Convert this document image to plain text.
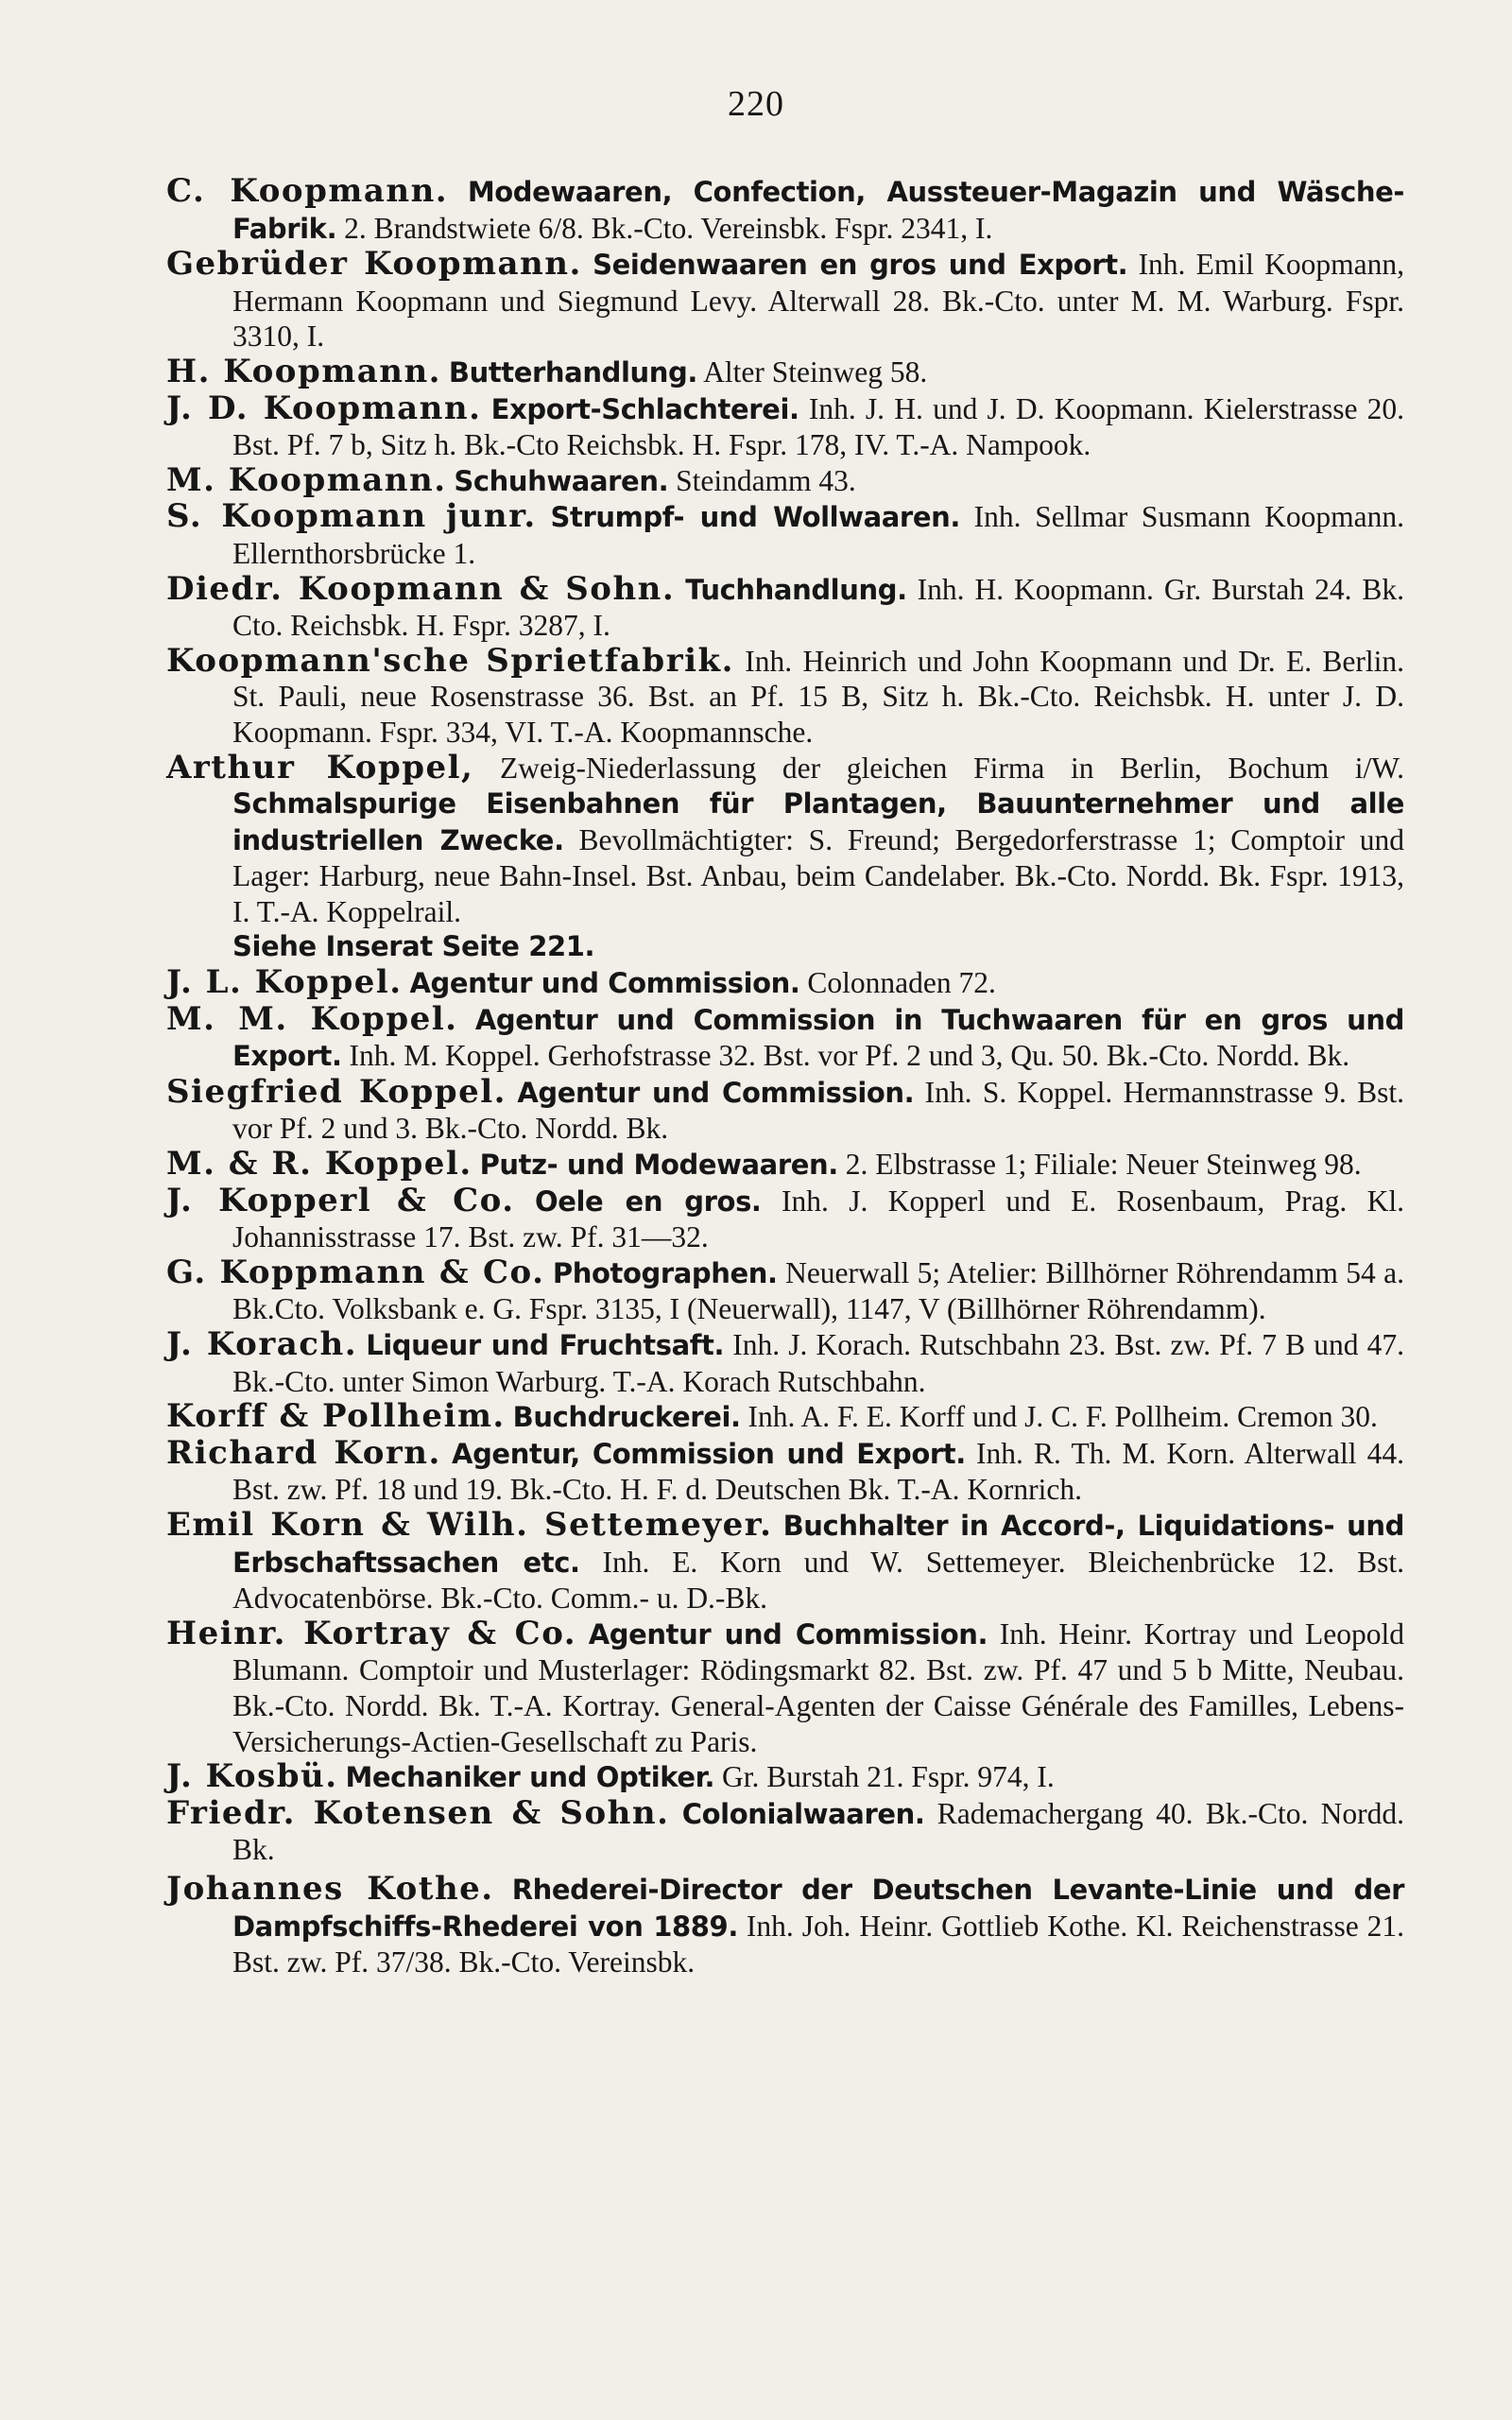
220

C. Koopmann. Modewaaren, Confection, Aussteuer-Magazin und Wäsche-Fabrik. 2. Brandstwiete 6/8. Bk.-Cto. Vereinsbk. Fspr. 2341, I.

Gebrüder Koopmann. Seidenwaaren en gros und Export. Inh. Emil Koopmann, Hermann Koopmann und Siegmund Levy. Alterwall 28. Bk.-Cto. unter M. M. Warburg. Fspr. 3310, I.

H. Koopmann. Butterhandlung. Alter Steinweg 58.

J. D. Koopmann. Export-Schlachterei. Inh. J. H. und J. D. Koopmann. Kielerstrasse 20. Bst. Pf. 7 b, Sitz h. Bk.-Cto Reichsbk. H. Fspr. 178, IV. T.-A. Nampook.

M. Koopmann. Schuhwaaren. Steindamm 43.

S. Koopmann junr. Strumpf- und Wollwaaren. Inh. Sellmar Susmann Koopmann. Ellernthorsbrücke 1.

Diedr. Koopmann & Sohn. Tuchhandlung. Inh. H. Koopmann. Gr. Burstah 24. Bk. Cto. Reichsbk. H. Fspr. 3287, I.

Koopmann'sche Sprietfabrik. Inh. Heinrich und John Koopmann und Dr. E. Berlin. St. Pauli, neue Rosenstrasse 36. Bst. an Pf. 15 B, Sitz h. Bk.-Cto. Reichsbk. H. unter J. D. Koopmann. Fspr. 334, VI. T.-A. Koopmannsche.

Arthur Koppel, Zweig-Niederlassung der gleichen Firma in Berlin, Bochum i/W. Schmalspurige Eisenbahnen für Plantagen, Bauunternehmer und alle industriellen Zwecke. Bevollmächtigter: S. Freund; Bergedorferstrasse 1; Comptoir und Lager: Harburg, neue Bahn-Insel. Bst. Anbau, beim Candelaber. Bk.-Cto. Nordd. Bk. Fspr. 1913, I. T.-A. Koppelrail.
Siehe Inserat Seite 221.

J. L. Koppel. Agentur und Commission. Colonnaden 72.

M. M. Koppel. Agentur und Commission in Tuchwaaren für en gros und Export. Inh. M. Koppel. Gerhofstrasse 32. Bst. vor Pf. 2 und 3, Qu. 50. Bk.-Cto. Nordd. Bk.

Siegfried Koppel. Agentur und Commission. Inh. S. Koppel. Hermannstrasse 9. Bst. vor Pf. 2 und 3. Bk.-Cto. Nordd. Bk.

M. & R. Koppel. Putz- und Modewaaren. 2. Elbstrasse 1; Filiale: Neuer Steinweg 98.

J. Kopperl & Co. Oele en gros. Inh. J. Kopperl und E. Rosenbaum, Prag. Kl. Johannisstrasse 17. Bst. zw. Pf. 31—32.

G. Koppmann & Co. Photographen. Neuerwall 5; Atelier: Billhörner Röhrendamm 54 a. Bk.Cto. Volksbank e. G. Fspr. 3135, I (Neuerwall), 1147, V (Billhörner Röhrendamm).

J. Korach. Liqueur und Fruchtsaft. Inh. J. Korach. Rutschbahn 23. Bst. zw. Pf. 7 B und 47. Bk.-Cto. unter Simon Warburg. T.-A. Korach Rutschbahn.

Korff & Pollheim. Buchdruckerei. Inh. A. F. E. Korff und J. C. F. Pollheim. Cremon 30.

Richard Korn. Agentur, Commission und Export. Inh. R. Th. M. Korn. Alterwall 44. Bst. zw. Pf. 18 und 19. Bk.-Cto. H. F. d. Deutschen Bk. T.-A. Kornrich.

Emil Korn & Wilh. Settemeyer. Buchhalter in Accord-, Liquidations- und Erbschaftssachen etc. Inh. E. Korn und W. Settemeyer. Bleichenbrücke 12. Bst. Advocatenbörse. Bk.-Cto. Comm.- u. D.-Bk.

Heinr. Kortray & Co. Agentur und Commission. Inh. Heinr. Kortray und Leopold Blumann. Comptoir und Musterlager: Rödingsmarkt 82. Bst. zw. Pf. 47 und 5 b Mitte, Neubau. Bk.-Cto. Nordd. Bk. T.-A. Kortray. General-Agenten der Caisse Générale des Familles, Lebens-Versicherungs-Actien-Gesellschaft zu Paris.

J. Kosbü. Mechaniker und Optiker. Gr. Burstah 21. Fspr. 974, I.

Friedr. Kotensen & Sohn. Colonialwaaren. Rademachergang 40. Bk.-Cto. Nordd. Bk.

Johannes Kothe. Rhederei-Director der Deutschen Levante-Linie und der Dampfschiffs-Rhederei von 1889. Inh. Joh. Heinr. Gottlieb Kothe. Kl. Reichenstrasse 21. Bst. zw. Pf. 37/38. Bk.-Cto. Vereinsbk.
